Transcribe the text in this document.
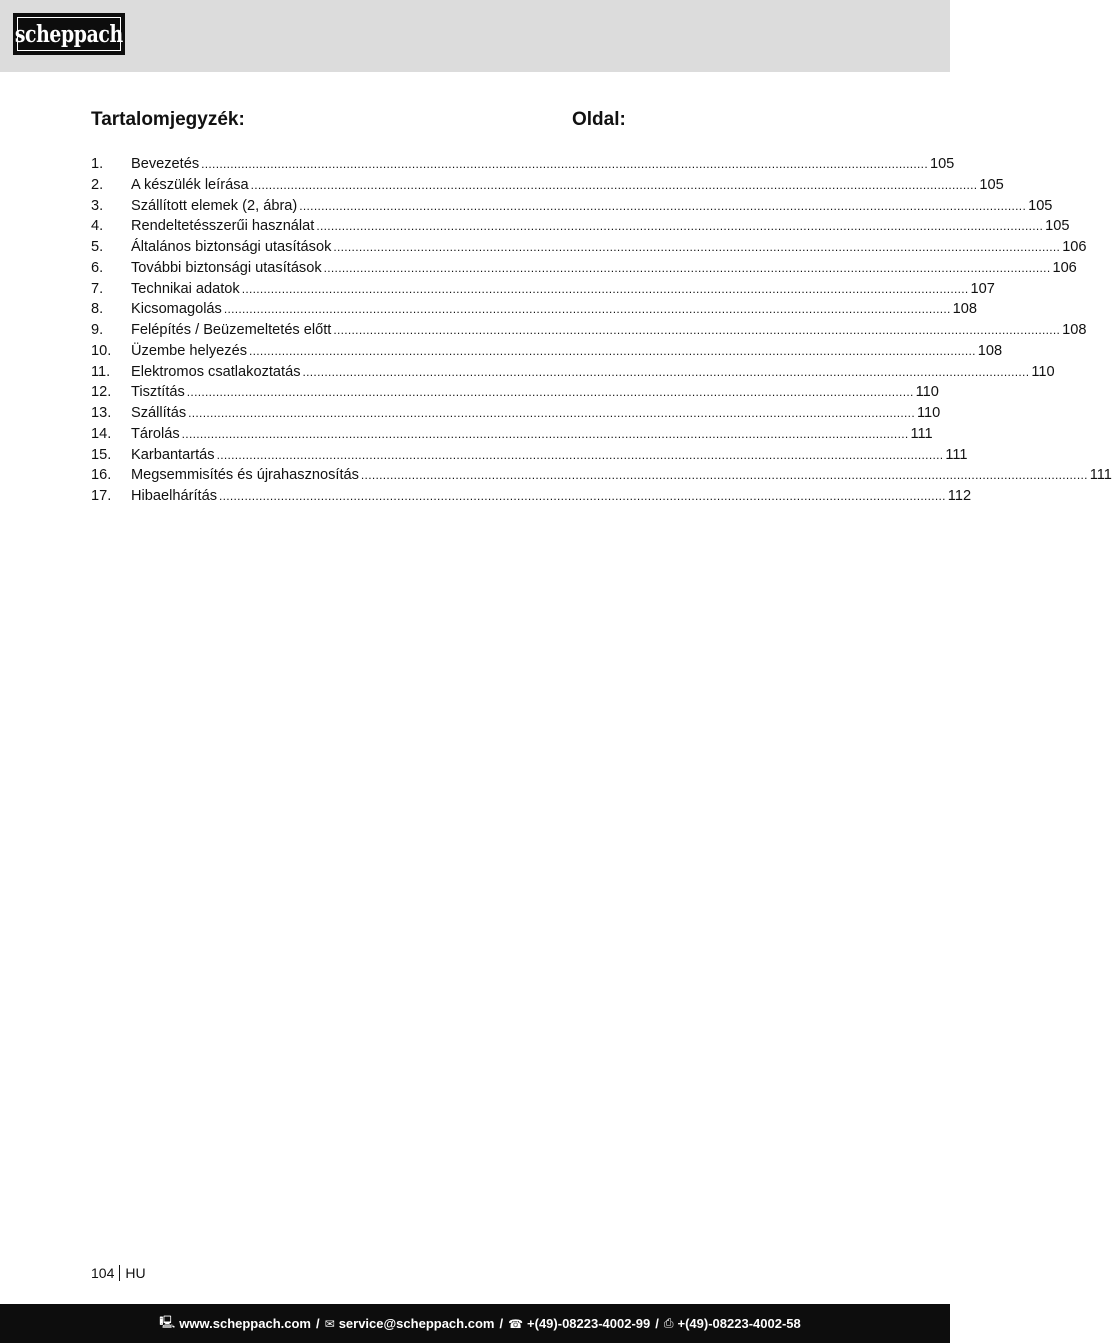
scheppach
Tartalomjegyzék:	Oldal:
1.	Bevezetés ........................................................................................................................................................................................................ 105
2.	A készülék leírása ........................................................................................................................................................................................................ 105
3.	Szállított elemek (2, ábra) ........................................................................................................................................................................................................ 105
4.	Rendeltetésszerűi használat ........................................................................................................................................................................................................ 105
5.	Általános biztonsági utasítások ........................................................................................................................................................................................................ 106
6.	További biztonsági utasítások ........................................................................................................................................................................................................ 106
7.	Technikai adatok ........................................................................................................................................................................................................ 107
8.	Kicsomagolás ........................................................................................................................................................................................................ 108
9.	Felépítés / Beüzemeltetés előtt ........................................................................................................................................................................................................ 108
10.	Üzembe helyezés ........................................................................................................................................................................................................ 108
11.	Elektromos csatlakoztatás ........................................................................................................................................................................................................ 110
12.	Tisztítás ........................................................................................................................................................................................................ 110
13.	Szállítás ........................................................................................................................................................................................................ 110
14.	Tárolás ........................................................................................................................................................................................................ 111
15.	Karbantartás ........................................................................................................................................................................................................ 111
16.	Megsemmisítés és újrahasznosítás ........................................................................................................................................................................................................ 111
17.	Hibaelhárítás ........................................................................................................................................................................................................ 112
104 HU
🖳 www.scheppach.com / ✉ service@scheppach.com / ☎ +(49)-08223-4002-99 / ⎙ +(49)-08223-4002-58
